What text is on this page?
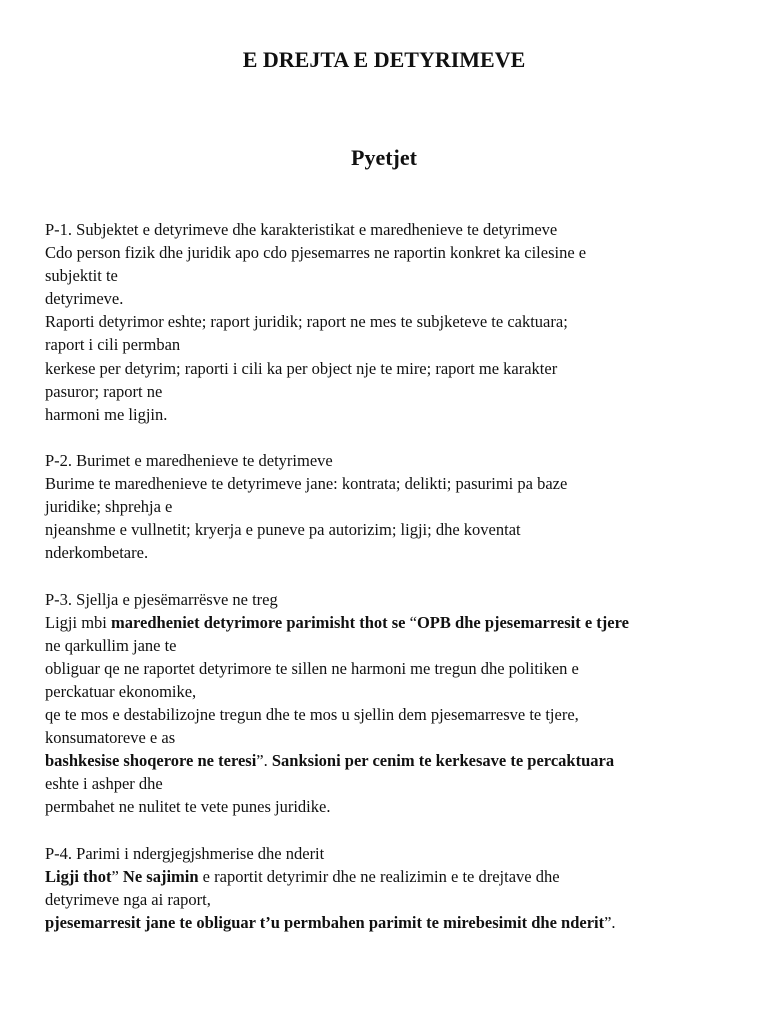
E DREJTA E DETYRIMEVE
Pyetjet
P-1. Subjektet e detyrimeve dhe karakteristikat e maredhenieve te detyrimeve
Cdo person fizik dhe juridik apo cdo pjesemarres ne raportin konkret ka cilesine e
subjektit te
detyrimeve.
Raporti detyrimor eshte; raport juridik; raport ne mes te subjketeve te caktuara;
raport i cili permban
kerkese per detyrim; raporti i cili ka per object nje te mire; raport me karakter
pasuror; raport ne
harmoni me ligjin.
P-2. Burimet e maredhenieve te detyrimeve
Burime te maredhenieve te detyrimeve jane: kontrata; delikti; pasurimi pa baze
juridike; shprehja e
njeanshme e vullnetit; kryerja e puneve pa autorizim; ligji; dhe koventat
nderkombetare.
P-3. Sjellja e pjesëmarrësve ne treg
Ligji mbi maredheniet detyrimore parimisht thot se “OPB dhe pjesemarresit e tjere
ne qarkullim jane te
obliguar qe ne raportet detyrimore te sillen ne harmoni me tregun dhe politiken e
perckatuar ekonomike,
qe te mos e destabilizojne tregun dhe te mos u sjellin dem pjesemarresve te tjere,
konsumatoreve e as
bashkesise shoqerore ne teresi”. Sanksioni per cenim te kerkesave te percaktuara
eshte i ashper dhe
permbahet ne nulitet te vete punes juridike.
P-4. Parimi i ndergjegjshmerise dhe nderit
Ligji thot” Ne sajimin e raportit detyrimir dhe ne realizimin e te drejtave dhe
detyrimeve nga ai raport,
pjesemarresit jane te obliguar t’u permbahen parimit te mirebesimit dhe nderit”.
